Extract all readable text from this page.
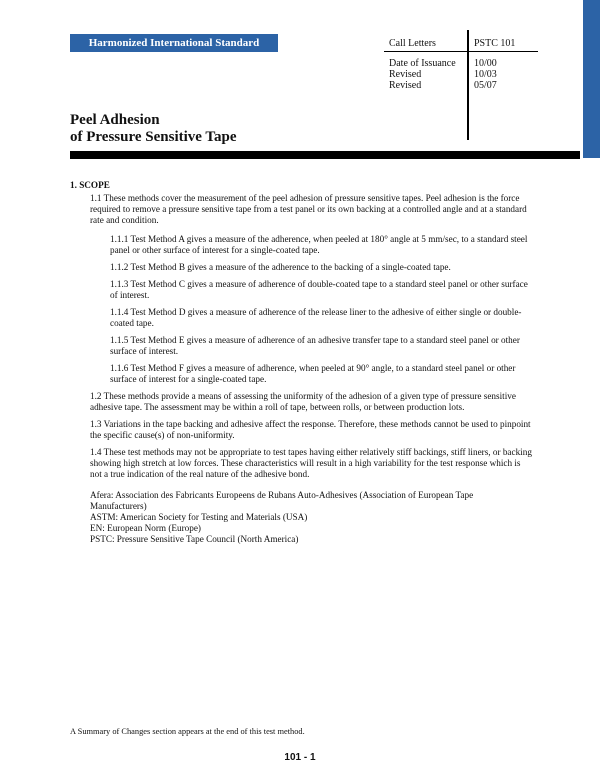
Harmonized International Standard	Call Letters	PSTC 101
Date of Issuance 10/00
Revised	10/03
Revised	05/07
Peel Adhesion
of Pressure Sensitive Tape

1. SCOPE

1.1 These methods cover the measurement of the peel adhesion of pressure sensitive tapes. Peel adhesion is the force required to remove a pressure sensitive tape from a test panel or its own backing at a controlled angle and at a standard rate and condition.

1.1.1 Test Method A gives a measure of the adherence, when peeled at 180° angle at 5 mm/sec, to a standard steel panel or other surface of interest for a single-coated tape.

1.1.2 Test Method B gives a measure of the adherence to the backing of a single-coated tape.

1.1.3 Test Method C gives a measure of adherence of double-coated tape to a standard steel panel or other surface of interest.

1.1.4 Test Method D gives a measure of adherence of the release liner to the adhesive of either single or double-coated tape.

1.1.5 Test Method E gives a measure of adherence of an adhesive transfer tape to a standard steel panel or other surface of interest.

1.1.6 Test Method F gives a measure of adherence, when peeled at 90° angle, to a standard steel panel or other surface of interest for a single-coated tape.

1.2 These methods provide a means of assessing the uniformity of the adhesion of a given type of pressure sensitive adhesive tape. The assessment may be within a roll of tape, between rolls, or between production lots.

1.3 Variations in the tape backing and adhesive affect the response. Therefore, these methods cannot be used to pinpoint the specific cause(s) of non-uniformity.

1.4 These test methods may not be appropriate to test tapes having either relatively stiff backings, stiff liners, or backing showing high stretch at low forces. These characteristics will result in a high variability for the test response which is not a true indication of the real nature of the adhesive bond.

Afera: Association des Fabricants Europeens de Rubans Auto-Adhesives (Association of European Tape Manufacturers)
ASTM: American Society for Testing and Materials (USA)
EN: European Norm (Europe)
PSTC: Pressure Sensitive Tape Council (North America)
A Summary of Changes section appears at the end of this test method.
101 - 1
